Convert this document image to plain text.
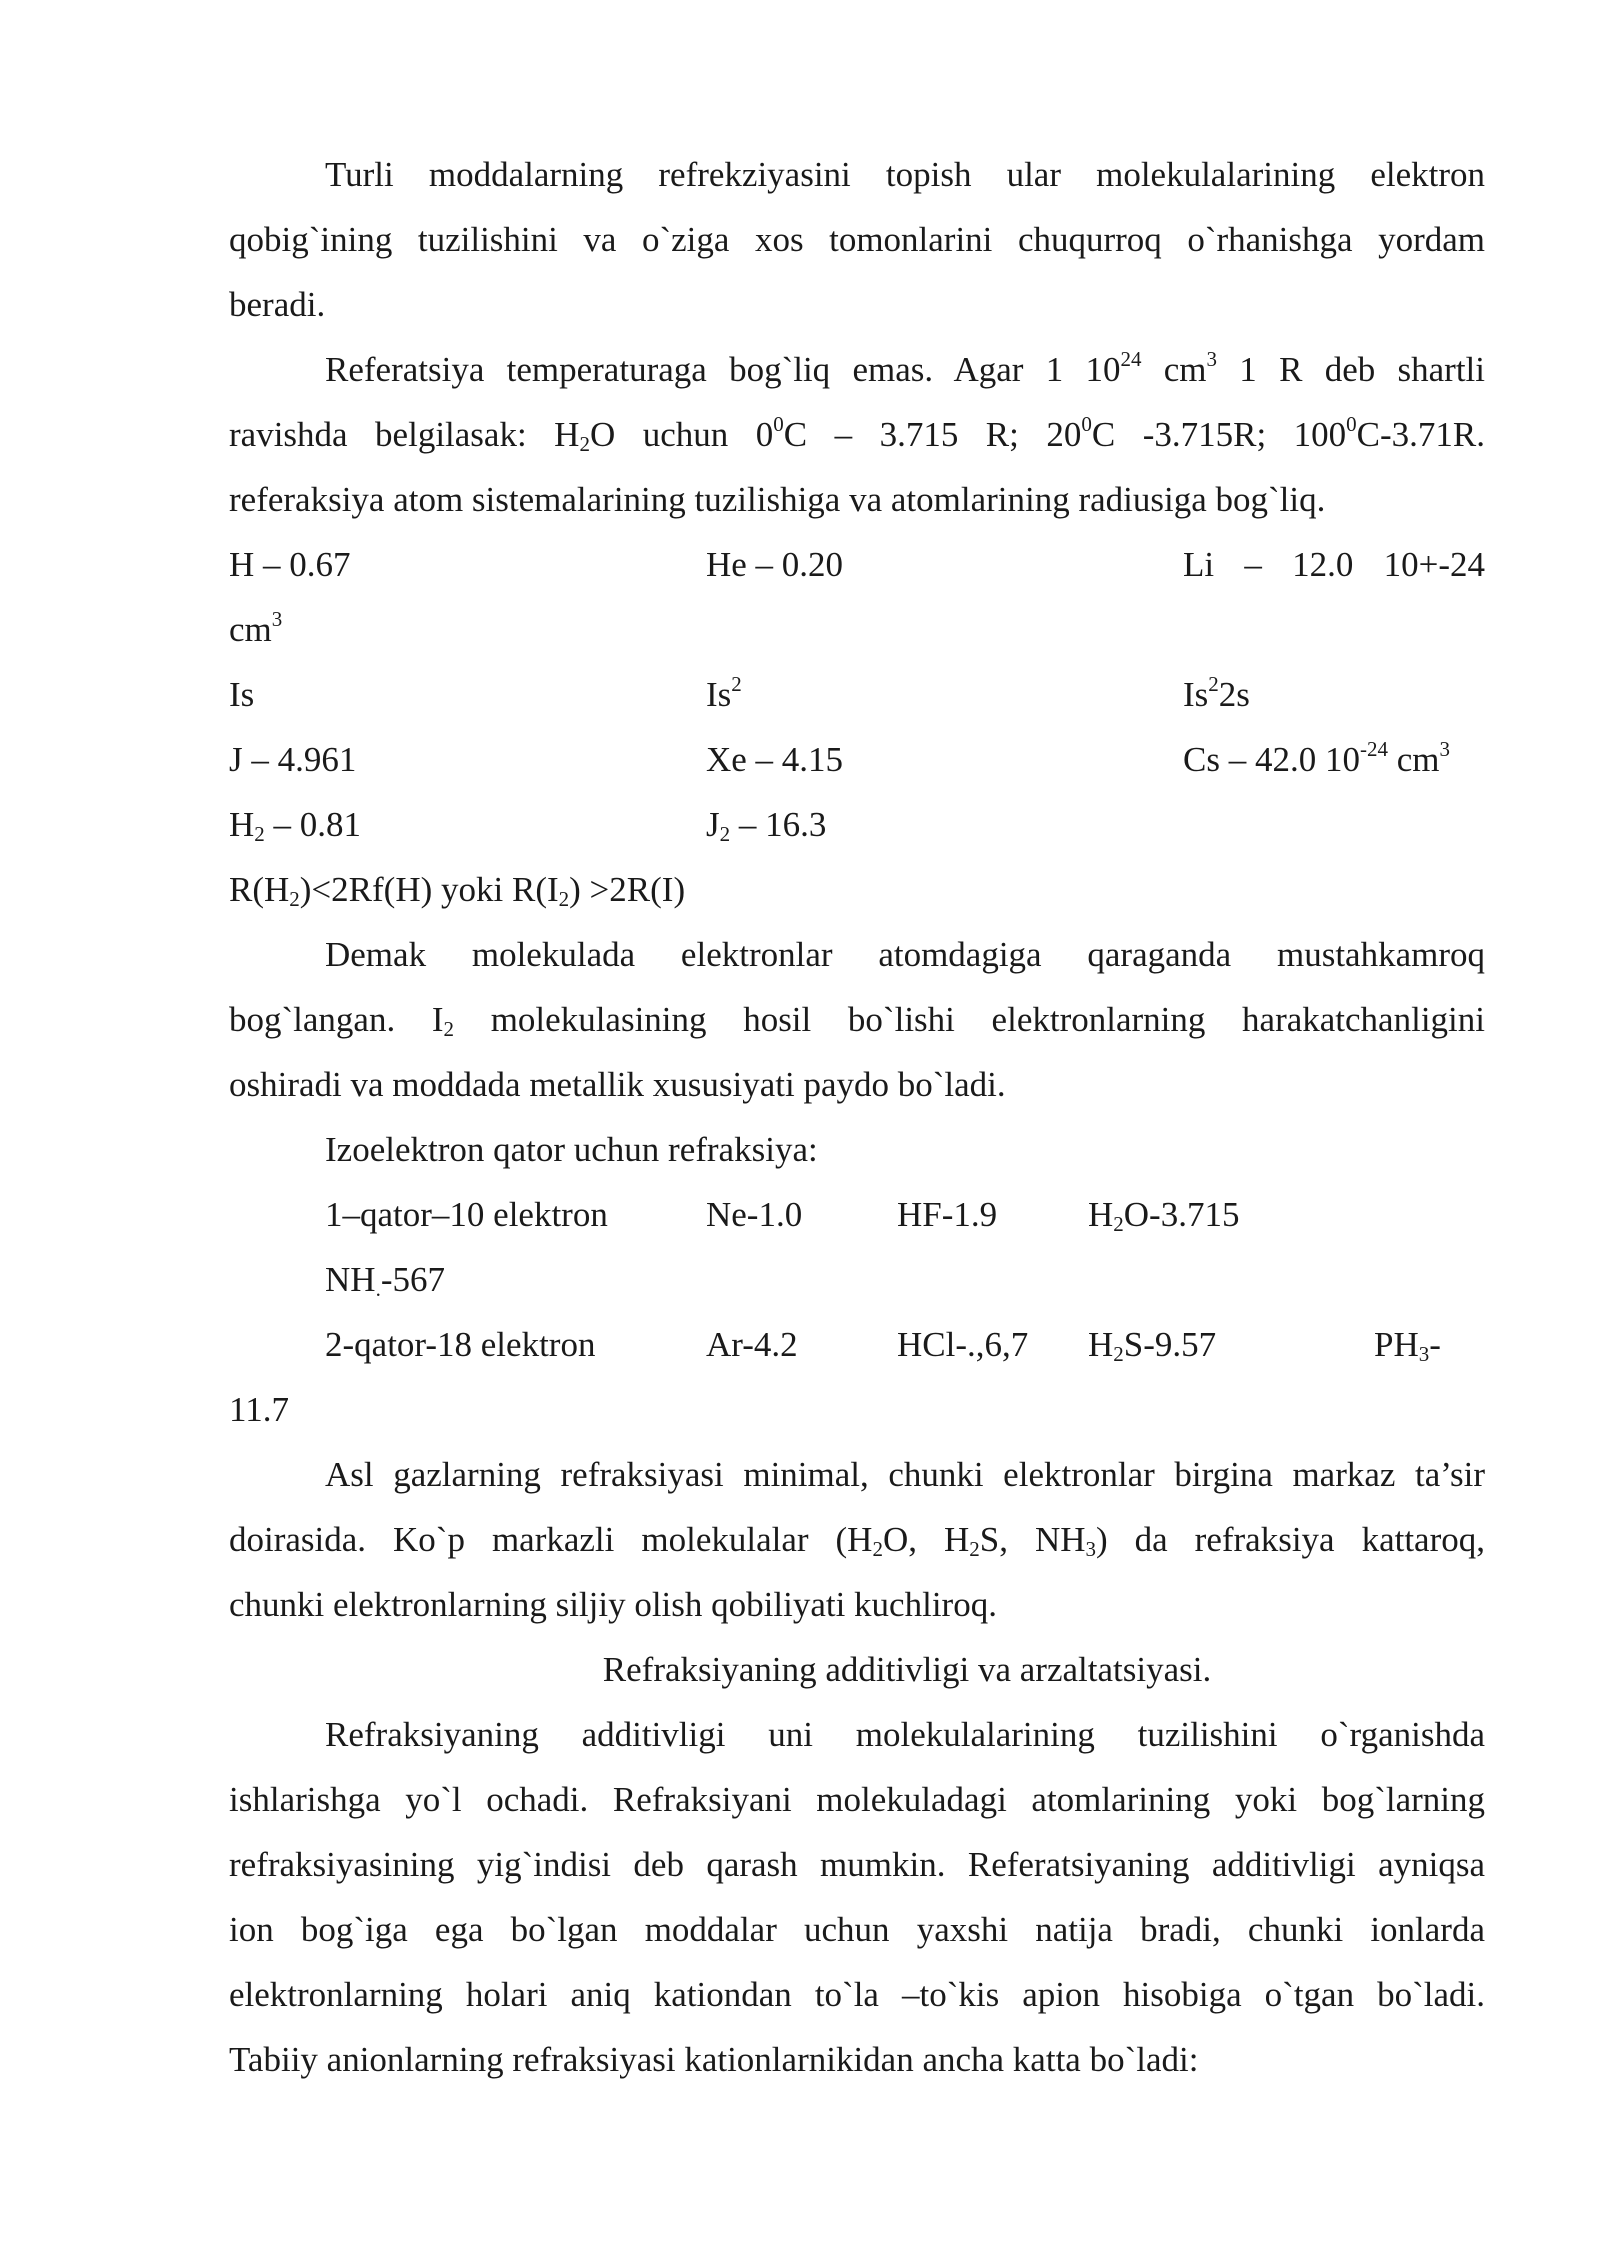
Turli moddalarning refrekziyasini topish ular molekulalarining elektron
qobig`ining tuzilishini va o`ziga xos tomonlarini chuqurroq o`rhanishga yordam
beradi.
Referatsiya temperaturaga bog`liq emas. Agar 1 $10^{24}$ $cm^3$ 1 R deb shartli
ravishda belgilasak: $H_2O$ uchun $0^0C - 3.715$ R; $20^0C$ -3.715R; $100^0C-3.71R$.
referaksiya atom sistemalarining tuzilishiga va atomlarining radiusiga bog`liq.
H – 0.67	He – 0.20	Li – 12.0 10+-24
$cm^3$
Is	Is$^2$	Is$^2$2s
J – 4.961	Xe – 4.15	Cs – 42.0 $10^{-24}$ $cm^3$
$H_2 - 0.81$	$J_2 - 16.3$
$R(H_2)<2Rf(H)$ yoki $R(I_2) >2R(I)$
Demak molekulada elektronlar atomdagiga qaraganda mustahkamroq
bog`langan. $I_2$ molekulasining hosil bo`lishi elektronlarning harakatchanligini
oshiradi va moddada metallik xususiyati paydo bo`ladi.
Izoelektron qator uchun refraksiya:
1–qator–10 elektron	Ne-1.0	HF-1.9	$H_2O-3.715$
$NH_.-567$
2-qator-18 elektron	Ar-4.2	HCl-.,6,7 $H_2S-9.57$	$PH_3-$
11.7
Asl gazlarning refraksiyasi minimal, chunki elektronlar birgina markaz ta’sir
doirasida. Ko`p markazli molekulalar ($H_2O$, $H_2S$, $NH_3$) da refraksiya kattaroq,
chunki elektronlarning siljiy olish qobiliyati kuchliroq.
Refraksiyaning additivligi va arzaltatsiyasi.
Refraksiyaning additivligi uni molekulalarining tuzilishini o`rganishda
ishlarishga yo`l ochadi. Refraksiyani molekuladagi atomlarining yoki bog`larning
refraksiyasining yig`indisi deb qarash mumkin. Referatsiyaning additivligi ayniqsa
ion bog`iga ega bo`lgan moddalar uchun yaxshi natija bradi, chunki ionlarda
elektronlarning holari aniq kationdan to`la –to`kis apion hisobiga o`tgan bo`ladi.
Tabiiy anionlarning refraksiyasi kationlarnikidan ancha katta bo`ladi:
